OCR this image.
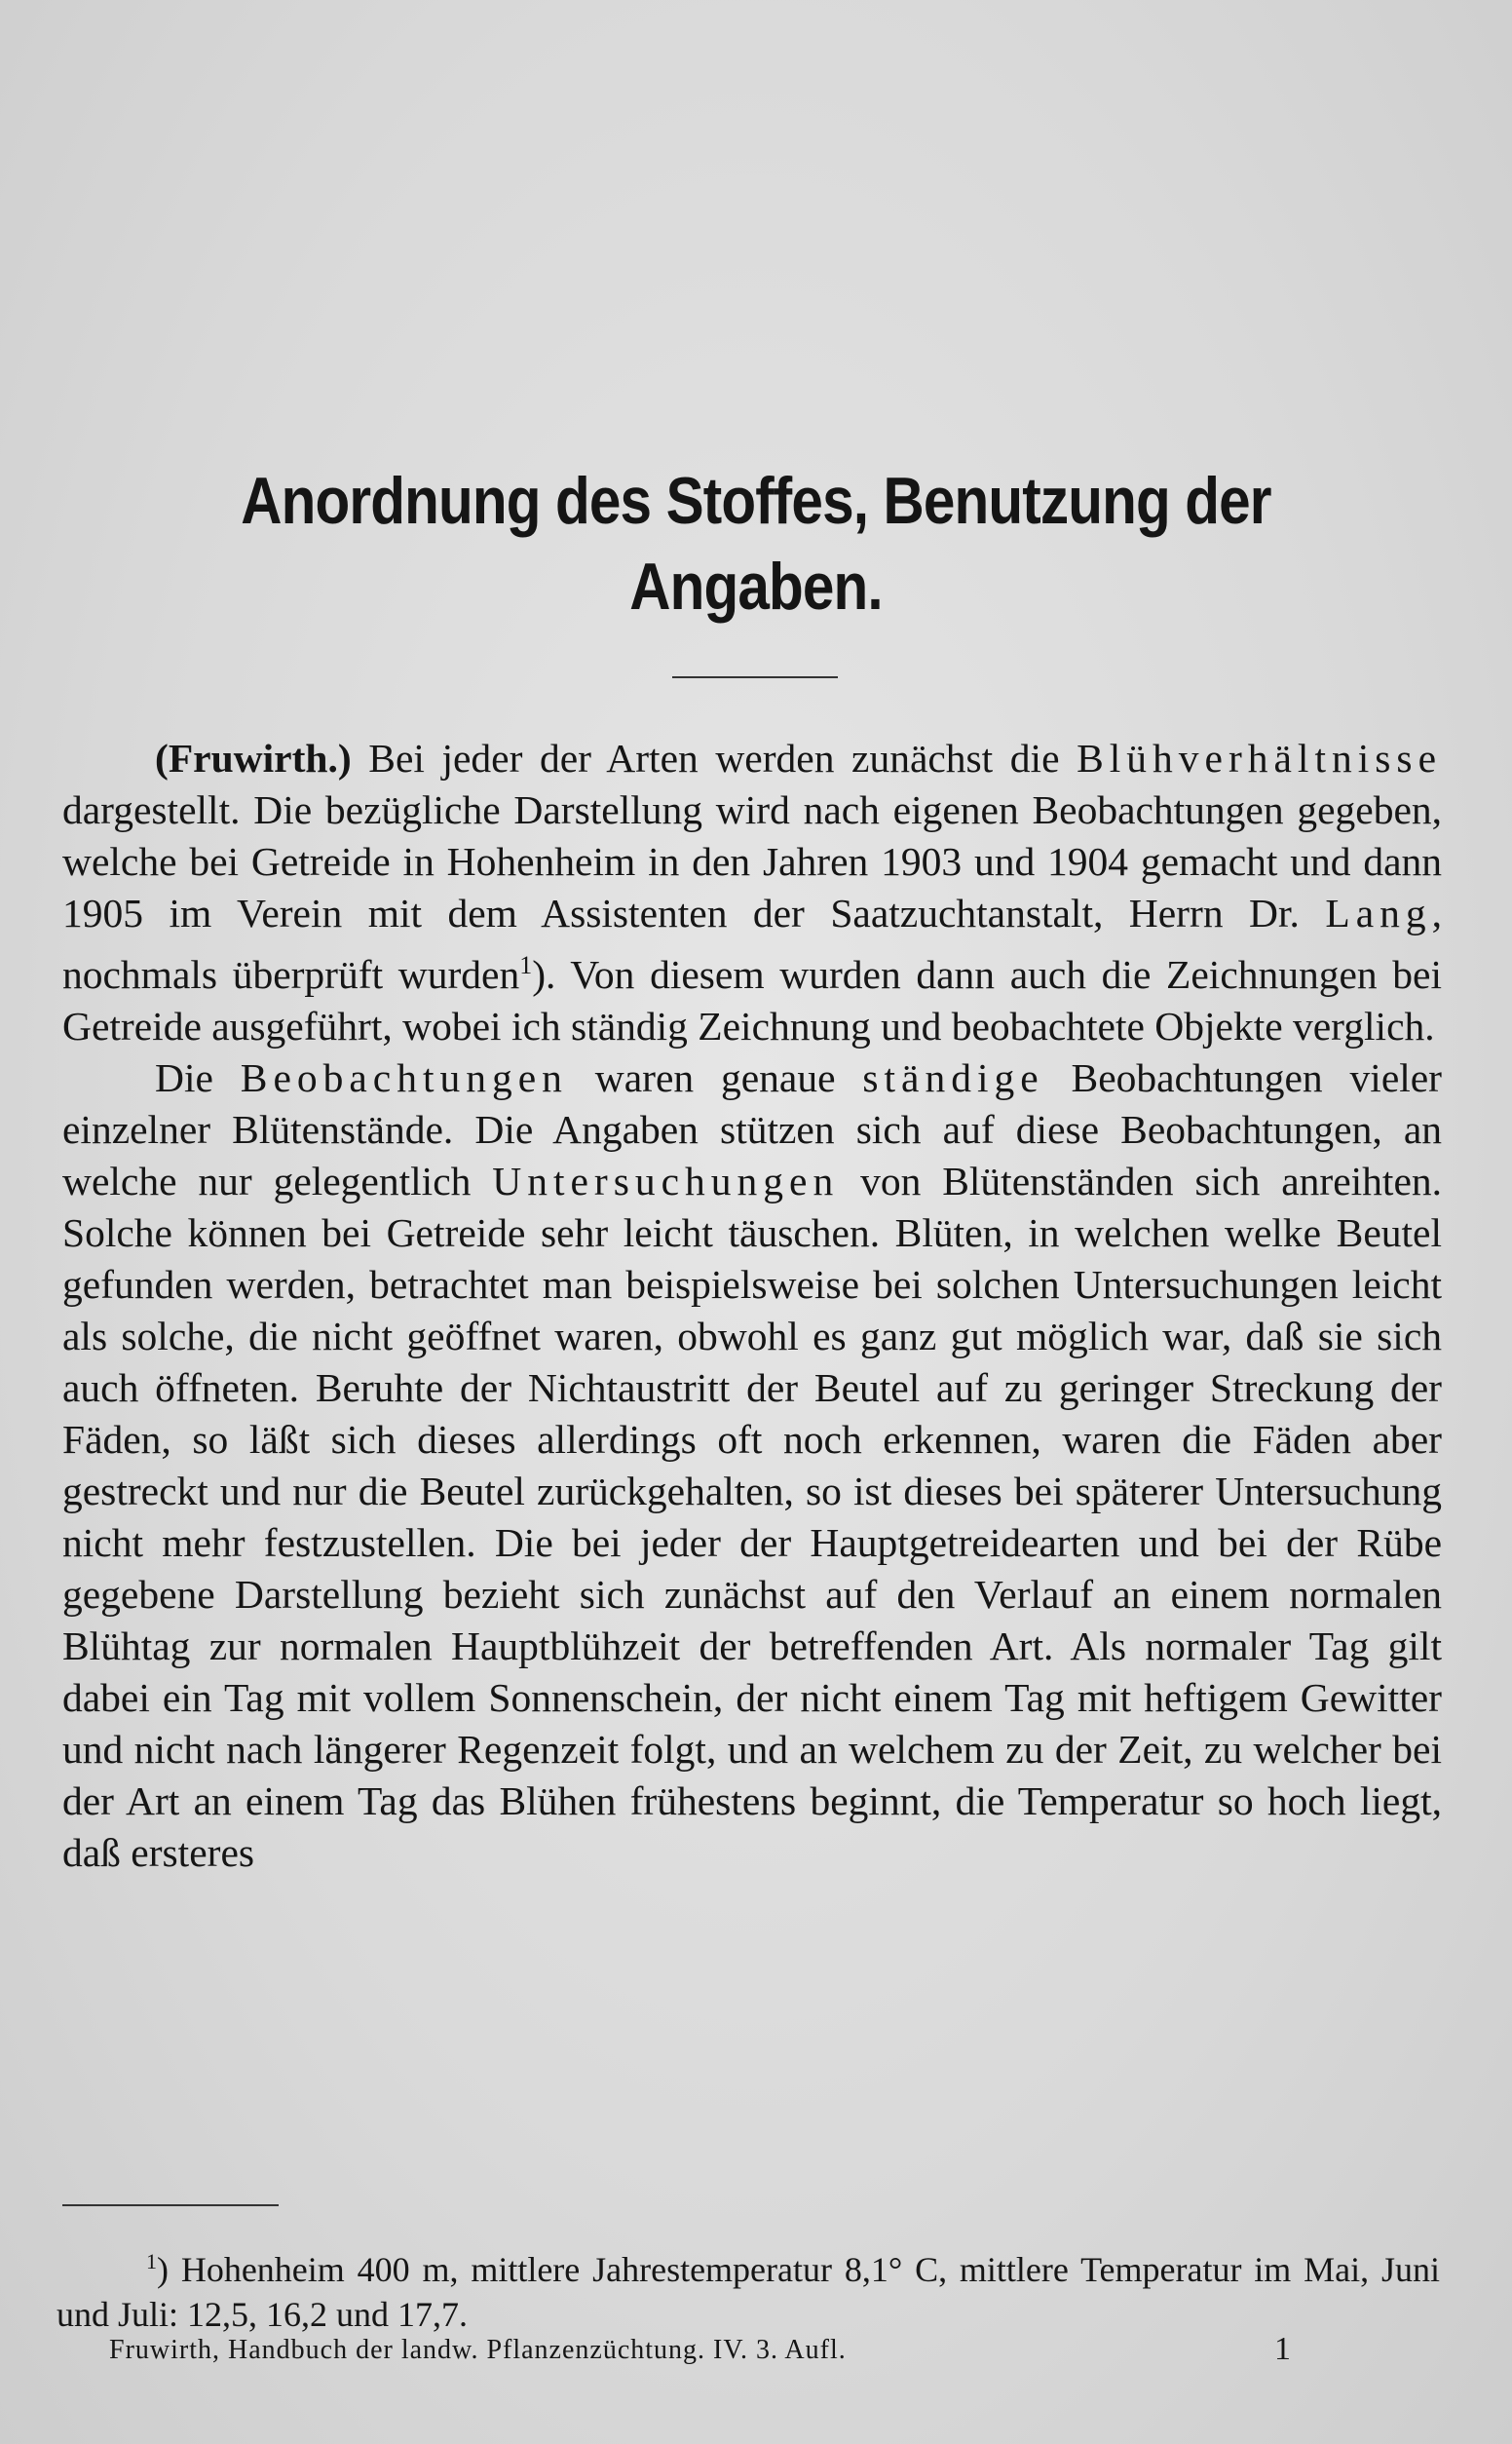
Anordnung des Stoffes, Benutzung der Angaben.

(Fruwirth.) Bei jeder der Arten werden zunächst die Blühverhältnisse dargestellt. Die bezügliche Darstellung wird nach eigenen Beobachtungen gegeben, welche bei Getreide in Hohenheim in den Jahren 1903 und 1904 gemacht und dann 1905 im Verein mit dem Assistenten der Saatzuchtanstalt, Herrn Dr. Lang, nochmals überprüft wurden$^1$). Von diesem wurden dann auch die Zeichnungen bei Getreide ausgeführt, wobei ich ständig Zeichnung und beobachtete Objekte verglich.

Die Beobachtungen waren genaue ständige Beobachtungen vieler einzelner Blütenstände. Die Angaben stützen sich auf diese Beobachtungen, an welche nur gelegentlich Untersuchungen von Blütenständen sich anreihten. Solche können bei Getreide sehr leicht täuschen. Blüten, in welchen welke Beutel gefunden werden, betrachtet man beispielsweise bei solchen Untersuchungen leicht als solche, die nicht geöffnet waren, obwohl es ganz gut möglich war, daß sie sich auch öffneten. Beruhte der Nichtaustritt der Beutel auf zu geringer Streckung der Fäden, so läßt sich dieses allerdings oft noch erkennen, waren die Fäden aber gestreckt und nur die Beutel zurückgehalten, so ist dieses bei späterer Untersuchung nicht mehr festzustellen. Die bei jeder der Hauptgetreidearten und bei der Rübe gegebene Darstellung bezieht sich zunächst auf den Verlauf an einem normalen Blühtag zur normalen Hauptblühzeit der betreffenden Art. Als normaler Tag gilt dabei ein Tag mit vollem Sonnenschein, der nicht einem Tag mit heftigem Gewitter und nicht nach längerer Regenzeit folgt, und an welchem zu der Zeit, zu welcher bei der Art an einem Tag das Blühen frühestens beginnt, die Temperatur so hoch liegt, daß ersteres

$^1$) Hohenheim 400 m, mittlere Jahrestemperatur 8,1° C, mittlere Temperatur im Mai, Juni und Juli: 12,5, 16,2 und 17,7.

Fruwirth, Handbuch der landw. Pflanzenzüchtung. IV. 3. Aufl.	1
